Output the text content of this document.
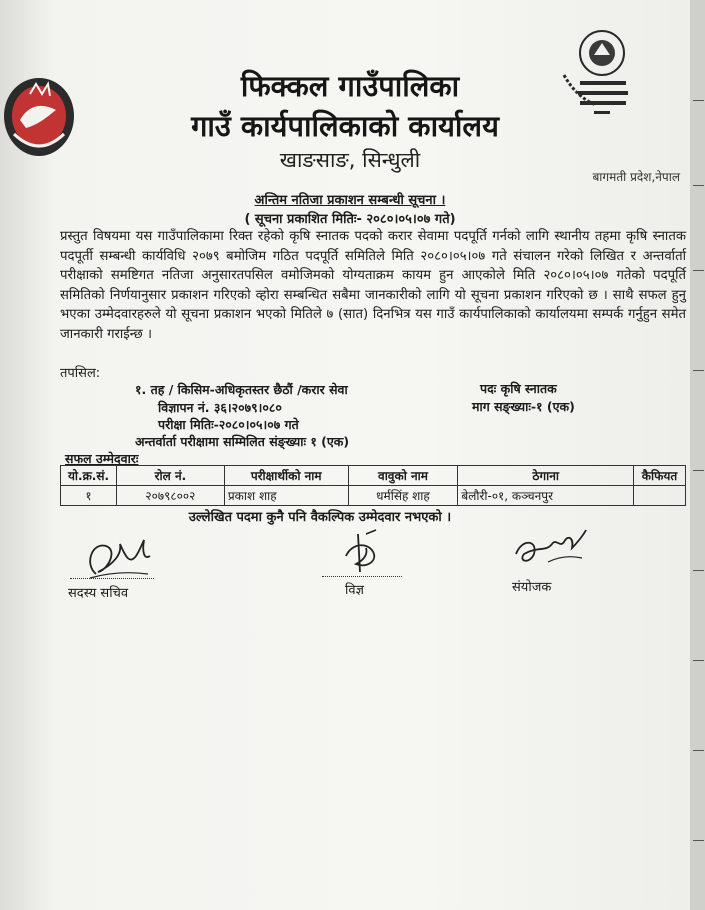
फिक्कल गाउँपालिका
गाउँ कार्यपालिकाको कार्यालय
खाङसाङ, सिन्धुली
बागमती प्रदेश,नेपाल
अन्तिम नतिजा प्रकाशन सम्बन्धी सूचना ।
( सूचना प्रकाशित मितिः- २०८०।०५।०७ गते)
प्रस्तुत विषयमा यस गाउँपालिकामा रिक्त रहेको कृषि स्नातक पदको करार सेवामा पदपूर्ति गर्नको लागि स्थानीय तहमा कृषि स्नातक पदपूर्ती सम्बन्धी कार्यविधि २०७९ बमोजिम गठित पदपूर्ति समितिले मिति २०८०।०५।०७ गते संचालन गरेको लिखित र अन्तर्वार्ता परीक्षाको समष्टिगत नतिजा अनुसारतपसिल वमोजिमको योग्यताक्रम कायम हुन आएकोले मिति २०८०।०५।०७ गतेको पदपूर्ति समितिको निर्णयानुसार प्रकाशन गरिएको व्हाेरा सम्बन्धित सबैमा जानकारीको लागि यो सूचना प्रकाशन गरिएको छ । साथै सफल हुनु भएका उम्मेदवारहरुले यो सूचना प्रकाशन भएको मितिले ७ (सात) दिनभित्र यस गाउँ कार्यपालिकाको कार्यालयमा सम्पर्क गर्नुहुन समेत जानकारी गराईन्छ ।
तपसिल:
१. तह / किसिम-अधिकृतस्तर छैठौं /करार सेवा
विज्ञापन नं. ३६।२०७९।०८०
परीक्षा मितिः-२०८०।०५।०७ गते
अन्तर्वार्ता परीक्षामा सम्मिलित संङ्ख्याः १ (एक)
पदः कृषि स्नातक
माग सङ्ख्याः-१ (एक)
सफल उम्मेदवारः
यो.क्र.सं.	रोल नं.	परीक्षार्थीको नाम	वावुको नाम	ठेगाना	कैफियत
१	२०७९८००२	प्रकाश शाह	धर्मसिंह शाह	बेलौरी-०१, कञ्चनपुर	
उल्लेखित पदमा कुनै पनि वैकल्पिक उम्मेदवार नभएको ।
सदस्य सचिव	विज्ञ	संयोजक
